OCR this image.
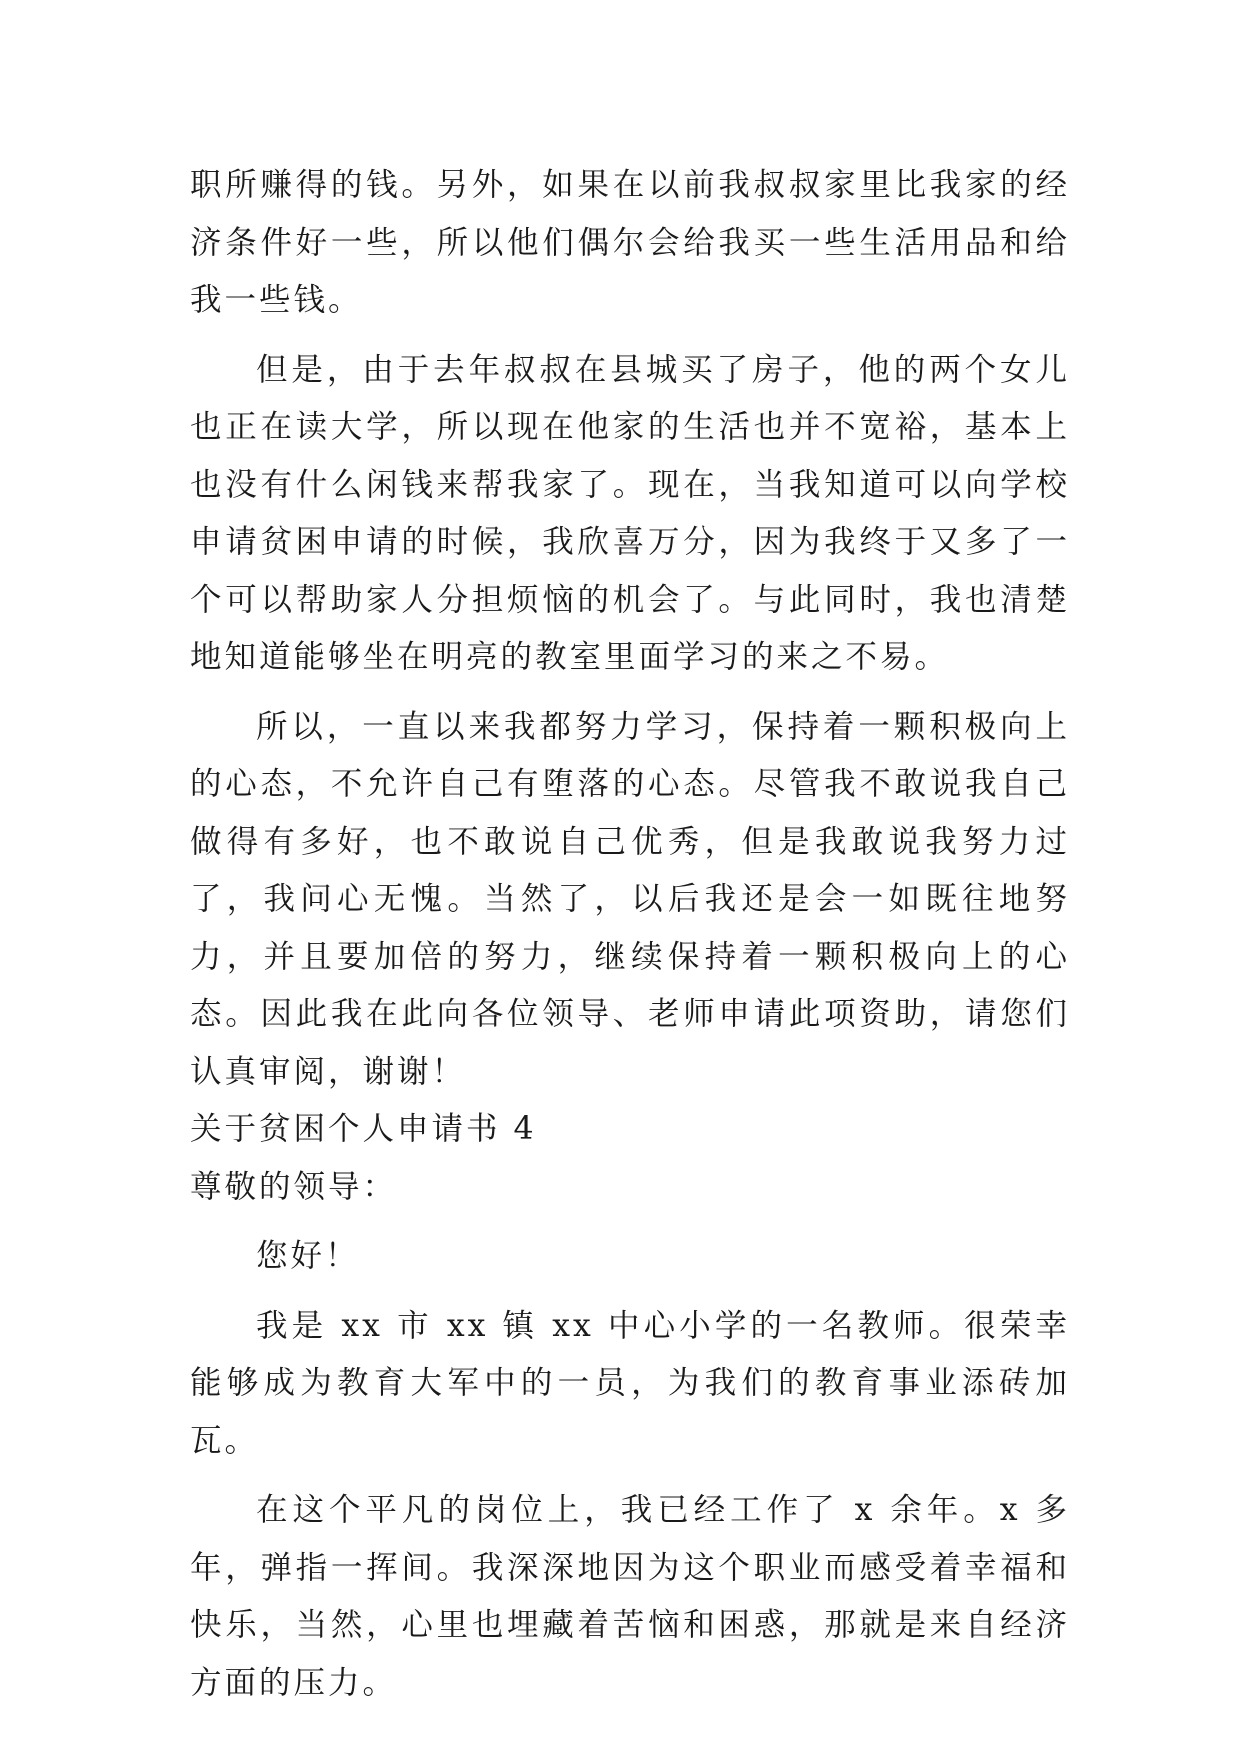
职所赚得的钱。另外，如果在以前我叔叔家里比我家的经济条件好一些，所以他们偶尔会给我买一些生活用品和给我一些钱。

但是，由于去年叔叔在县城买了房子，他的两个女儿也正在读大学，所以现在他家的生活也并不宽裕，基本上也没有什么闲钱来帮我家了。现在，当我知道可以向学校申请贫困申请的时候，我欣喜万分，因为我终于又多了一个可以帮助家人分担烦恼的机会了。与此同时，我也清楚地知道能够坐在明亮的教室里面学习的来之不易。

所以，一直以来我都努力学习，保持着一颗积极向上的心态，不允许自己有堕落的心态。尽管我不敢说我自己做得有多好，也不敢说自己优秀，但是我敢说我努力过了，我问心无愧。当然了，以后我还是会一如既往地努力，并且要加倍的努力，继续保持着一颗积极向上的心态。因此我在此向各位领导、老师申请此项资助，请您们认真审阅，谢谢！

关于贫困个人申请书 4

尊敬的领导：

您好！

我是 xx 市 xx 镇 xx 中心小学的一名教师。很荣幸能够成为教育大军中的一员，为我们的教育事业添砖加瓦。

在这个平凡的岗位上，我已经工作了 x 余年。x 多年，弹指一挥间。我深深地因为这个职业而感受着幸福和快乐，当然，心里也埋藏着苦恼和困惑，那就是来自经济方面的压力。
